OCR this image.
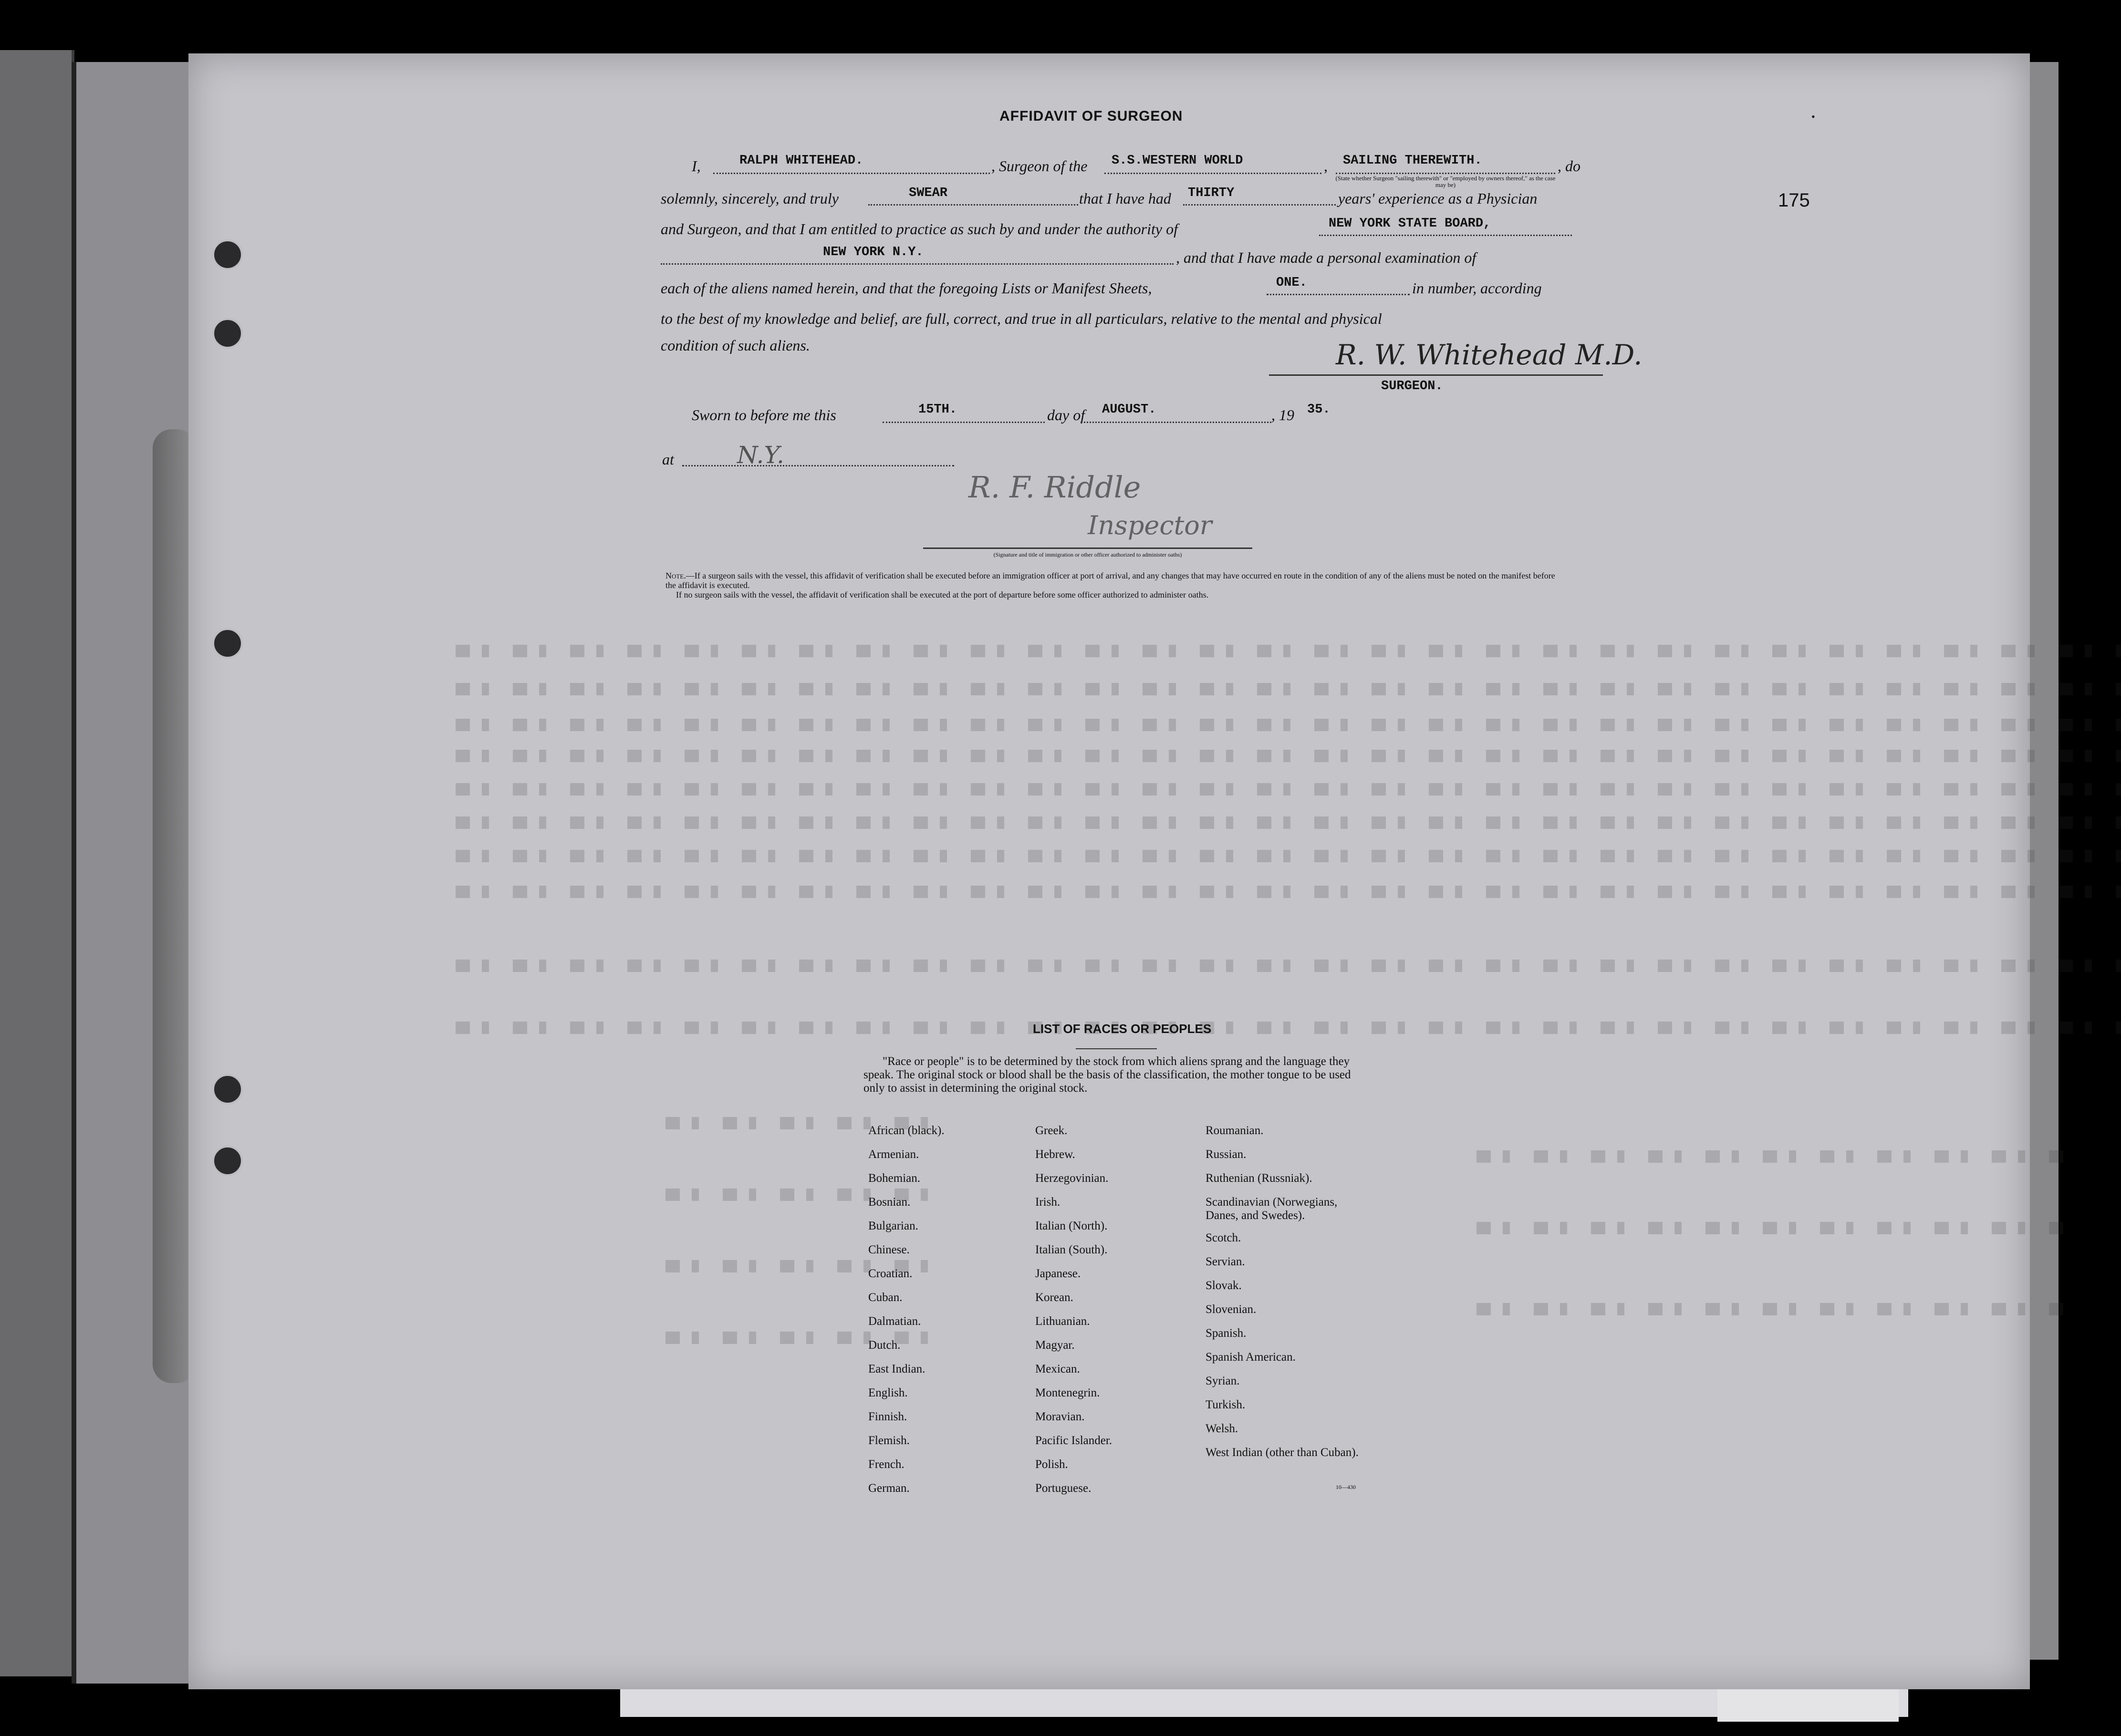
AFFIDAVIT OF SURGEON	•
175
I,	RALPH WHITEHEAD.	, Surgeon of the S.S.WESTERN WORLD	, SAILING THEREWITH.	, do
(State whether Surgeon "sailing therewith" or "employed by owners thereof," as the case may be)
solemnly, sincerely, and truly	SWEAR	that I have had THIRTY	years' experience as a Physician
and Surgeon, and that I am entitled to practice as such by and under the authority of	NEW YORK STATE BOARD,
NEW YORK N.Y.	, and that I have made a personal examination of
each of the aliens named herein, and that the foregoing Lists or Manifest Sheets,	ONE.	in number, according
to the best of my knowledge and belief, are full, correct, and true in all particulars, relative to the mental and physical
condition of such aliens.	R. W. Whitehead M.D.
SURGEON.
Sworn to before me this	15TH.	day of AUGUST.	, 19 35.
at	N.Y.
R. F. Riddle
Inspector
(Signature and title of immigration or other officer authorized to administer oaths)
Note.—If a surgeon sails with the vessel, this affidavit of verification shall be executed before an immigration officer at port of arrival, and any changes that may have occurred en route in the condition of any of the aliens must be noted on the manifest before the affidavit is executed.
If no surgeon sails with the vessel, the affidavit of verification shall be executed at the port of departure before some officer authorized to administer oaths.
LIST OF RACES OR PEOPLES
"Race or people" is to be determined by the stock from which aliens sprang and the language they speak. The original stock or blood shall be the basis of the classification, the mother tongue to be used only to assist in determining the original stock.
African (black).
Armenian.
Bohemian.
Bosnian.
Bulgarian.
Chinese.
Croatian.
Cuban.
Dalmatian.
Dutch.
East Indian.
English.
Finnish.
Flemish.
French.
German.
Greek.
Hebrew.
Herzegovinian.
Irish.
Italian (North).
Italian (South).
Japanese.
Korean.
Lithuanian.
Magyar.
Mexican.
Montenegrin.
Moravian.
Pacific Islander.
Polish.
Portuguese.
Roumanian.
Russian.
Ruthenian (Russniak).
Scandinavian (Norwegians, Danes, and Swedes).
Scotch.
Servian.
Slovak.
Slovenian.
Spanish.
Spanish American.
Syrian.
Turkish.
Welsh.
West Indian (other than Cuban).
10—430
